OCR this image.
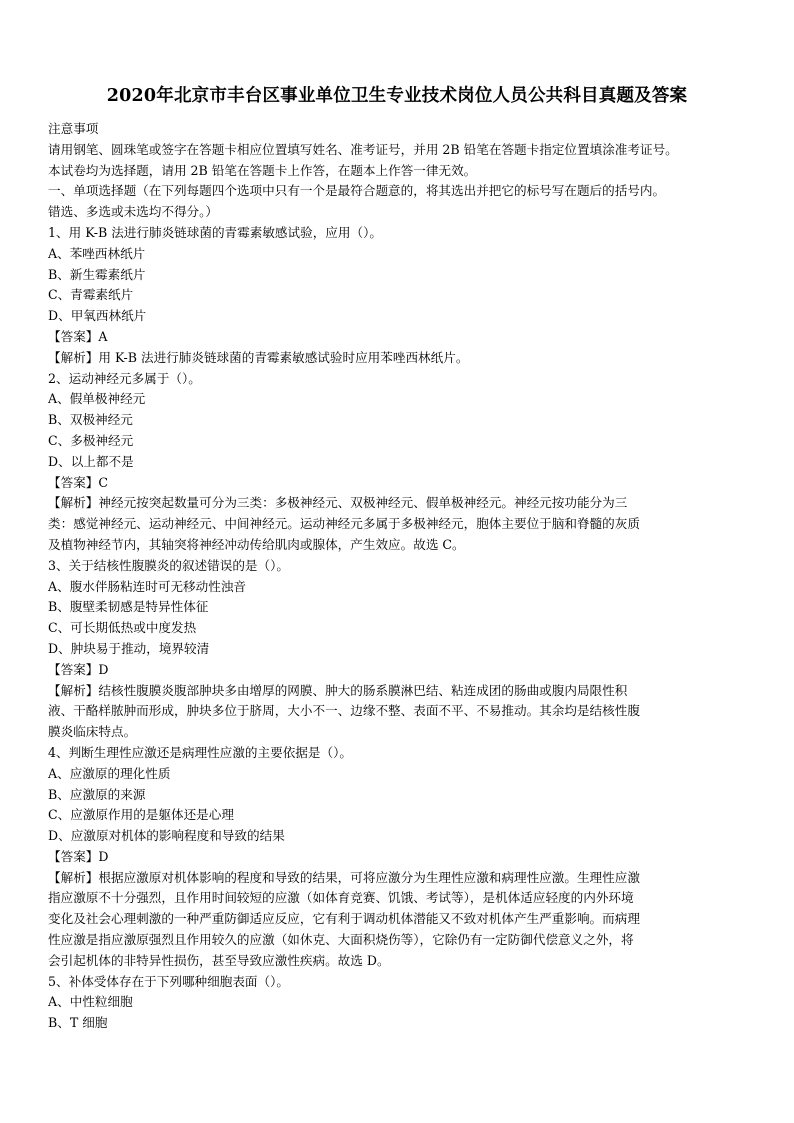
2020年北京市丰台区事业单位卫生专业技术岗位人员公共科目真题及答案
注意事项
请用钢笔、圆珠笔或签字在答题卡相应位置填写姓名、准考证号，并用 2B 铅笔在答题卡指定位置填涂准考证号。
本试卷均为选择题，请用 2B 铅笔在答题卡上作答，在题本上作答一律无效。
一、单项选择题（在下列每题四个选项中只有一个是最符合题意的，将其选出并把它的标号写在题后的括号内。
错选、多选或未选均不得分。）
1、用 K-B 法进行肺炎链球菌的青霉素敏感试验，应用（）。
A、苯唑西林纸片
B、新生霉素纸片
C、青霉素纸片
D、甲氧西林纸片
【答案】A
【解析】用 K-B 法进行肺炎链球菌的青霉素敏感试验时应用苯唑西林纸片。
2、运动神经元多属于（）。
A、假单极神经元
B、双极神经元
C、多极神经元
D、以上都不是
【答案】C
【解析】神经元按突起数量可分为三类：多极神经元、双极神经元、假单极神经元。神经元按功能分为三
类：感觉神经元、运动神经元、中间神经元。运动神经元多属于多极神经元，胞体主要位于脑和脊髓的灰质
及植物神经节内，其轴突将神经冲动传给肌肉或腺体，产生效应。故选 C。
3、关于结核性腹膜炎的叙述错误的是（）。
A、腹水伴肠粘连时可无移动性浊音
B、腹壁柔韧感是特异性体征
C、可长期低热或中度发热
D、肿块易于推动，境界较清
【答案】D
【解析】结核性腹膜炎腹部肿块多由增厚的网膜、肿大的肠系膜淋巴结、粘连成团的肠曲或腹内局限性积
液、干酪样脓肿而形成，肿块多位于脐周，大小不一、边缘不整、表面不平、不易推动。其余均是结核性腹
膜炎临床特点。
4、判断生理性应激还是病理性应激的主要依据是（）。
A、应激原的理化性质
B、应激原的来源
C、应激原作用的是躯体还是心理
D、应激原对机体的影响程度和导致的结果
【答案】D
【解析】根据应激原对机体影响的程度和导致的结果，可将应激分为生理性应激和病理性应激。生理性应激
指应激原不十分强烈，且作用时间较短的应激（如体育竞赛、饥饿、考试等），是机体适应轻度的内外环境
变化及社会心理刺激的一种严重防御适应反应，它有利于调动机体潜能又不致对机体产生严重影响。而病理
性应激是指应激原强烈且作用较久的应激（如休克、大面积烧伤等），它除仍有一定防御代偿意义之外，将
会引起机体的非特异性损伤，甚至导致应激性疾病。故选 D。
5、补体受体存在于下列哪种细胞表面（）。
A、中性粒细胞
B、T 细胞
